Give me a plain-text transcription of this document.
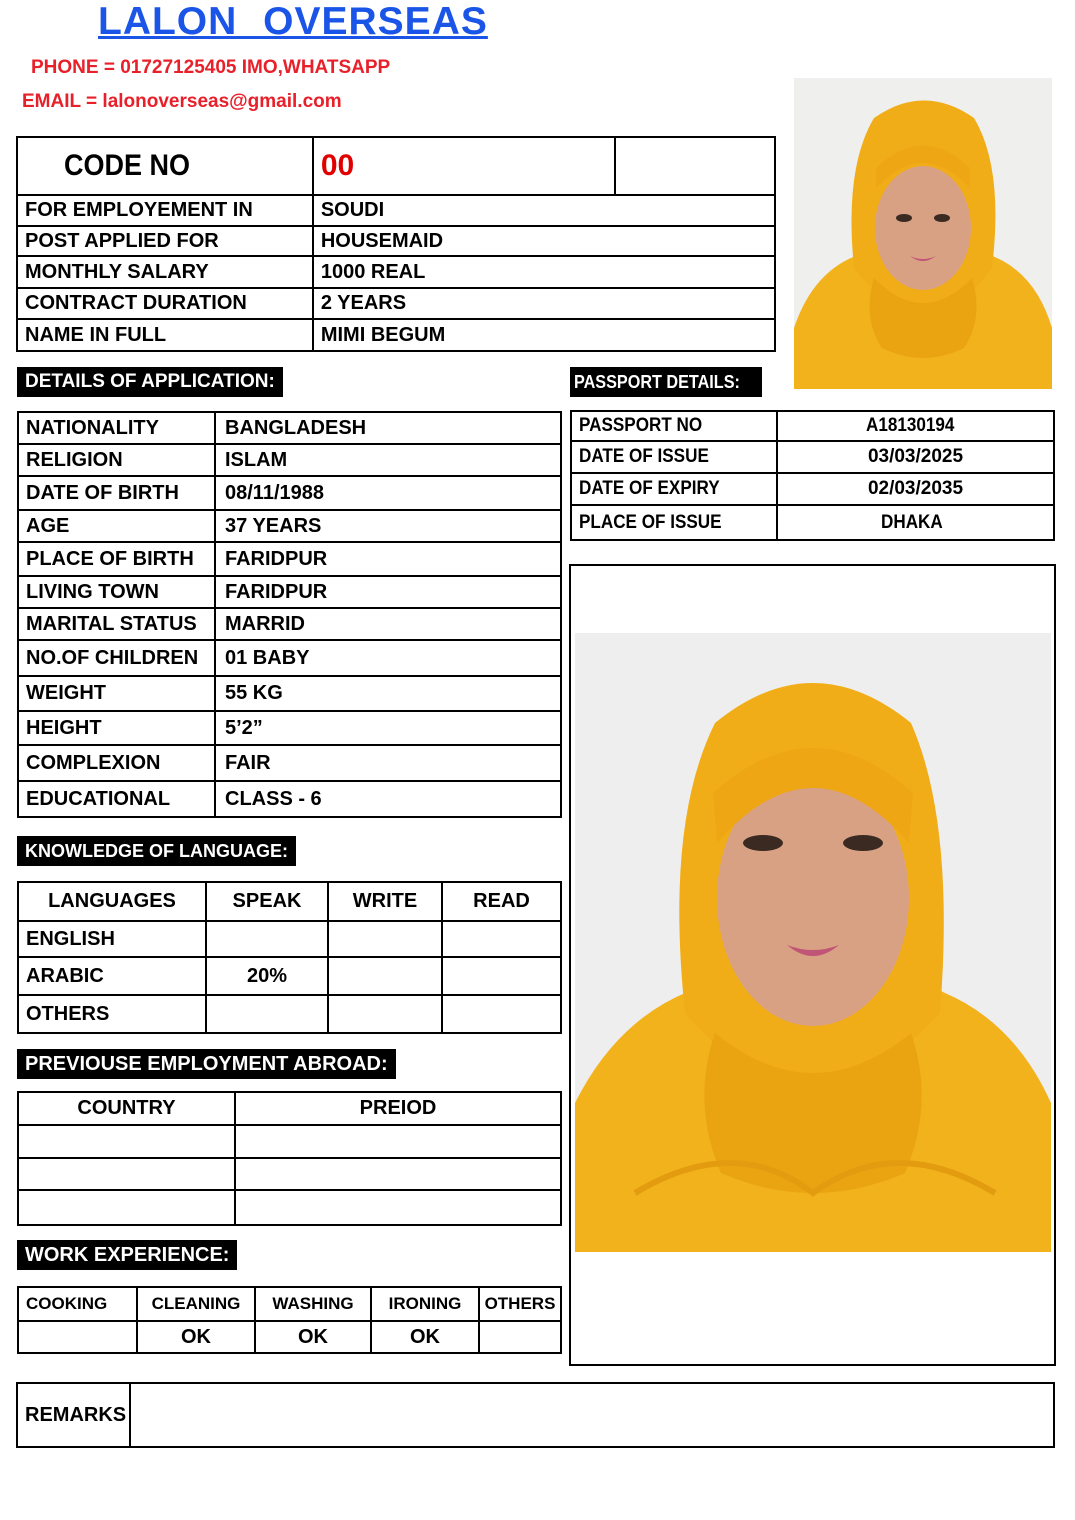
LALON OVERSEAS
PHONE = 01727125405 IMO,WHATSAPP
EMAIL = lalonoverseas@gmail.com
CODE NO	00	
FOR EMPLOYEMENT IN	SOUDI	
POST APPLIED FOR	HOUSEMAID	
MONTHLY SALARY	1000 REAL	
CONTRACT DURATION	2 YEARS	
NAME IN FULL	MIMI BEGUM	
DETAILS OF APPLICATION:	PASSPORT DETAILS:
NATIONALITY	BANGLADESH
RELIGION	ISLAM
DATE OF BIRTH	08/11/1988
AGE	37 YEARS
PLACE OF BIRTH	FARIDPUR
LIVING TOWN	FARIDPUR
MARITAL STATUS	MARRID
NO.OF CHILDREN	01 BABY
WEIGHT	55 KG
HEIGHT	5’2”
COMPLEXION	FAIR
EDUCATIONAL	CLASS - 6
PASSPORT NO	A18130194
DATE OF ISSUE	03/03/2025
DATE OF EXPIRY	02/03/2035
PLACE OF ISSUE	DHAKA
KNOWLEDGE OF LANGUAGE:
LANGUAGES	SPEAK	WRITE	READ
ENGLISH			
ARABIC	20%		
OTHERS			
PREVIOUSE EMPLOYMENT ABROAD:
COUNTRY	PREIOD

WORK EXPERIENCE:
COOKING	CLEANING	WASHING	IRONING	OTHERS
	OK	OK	OK	
REMARKS	
